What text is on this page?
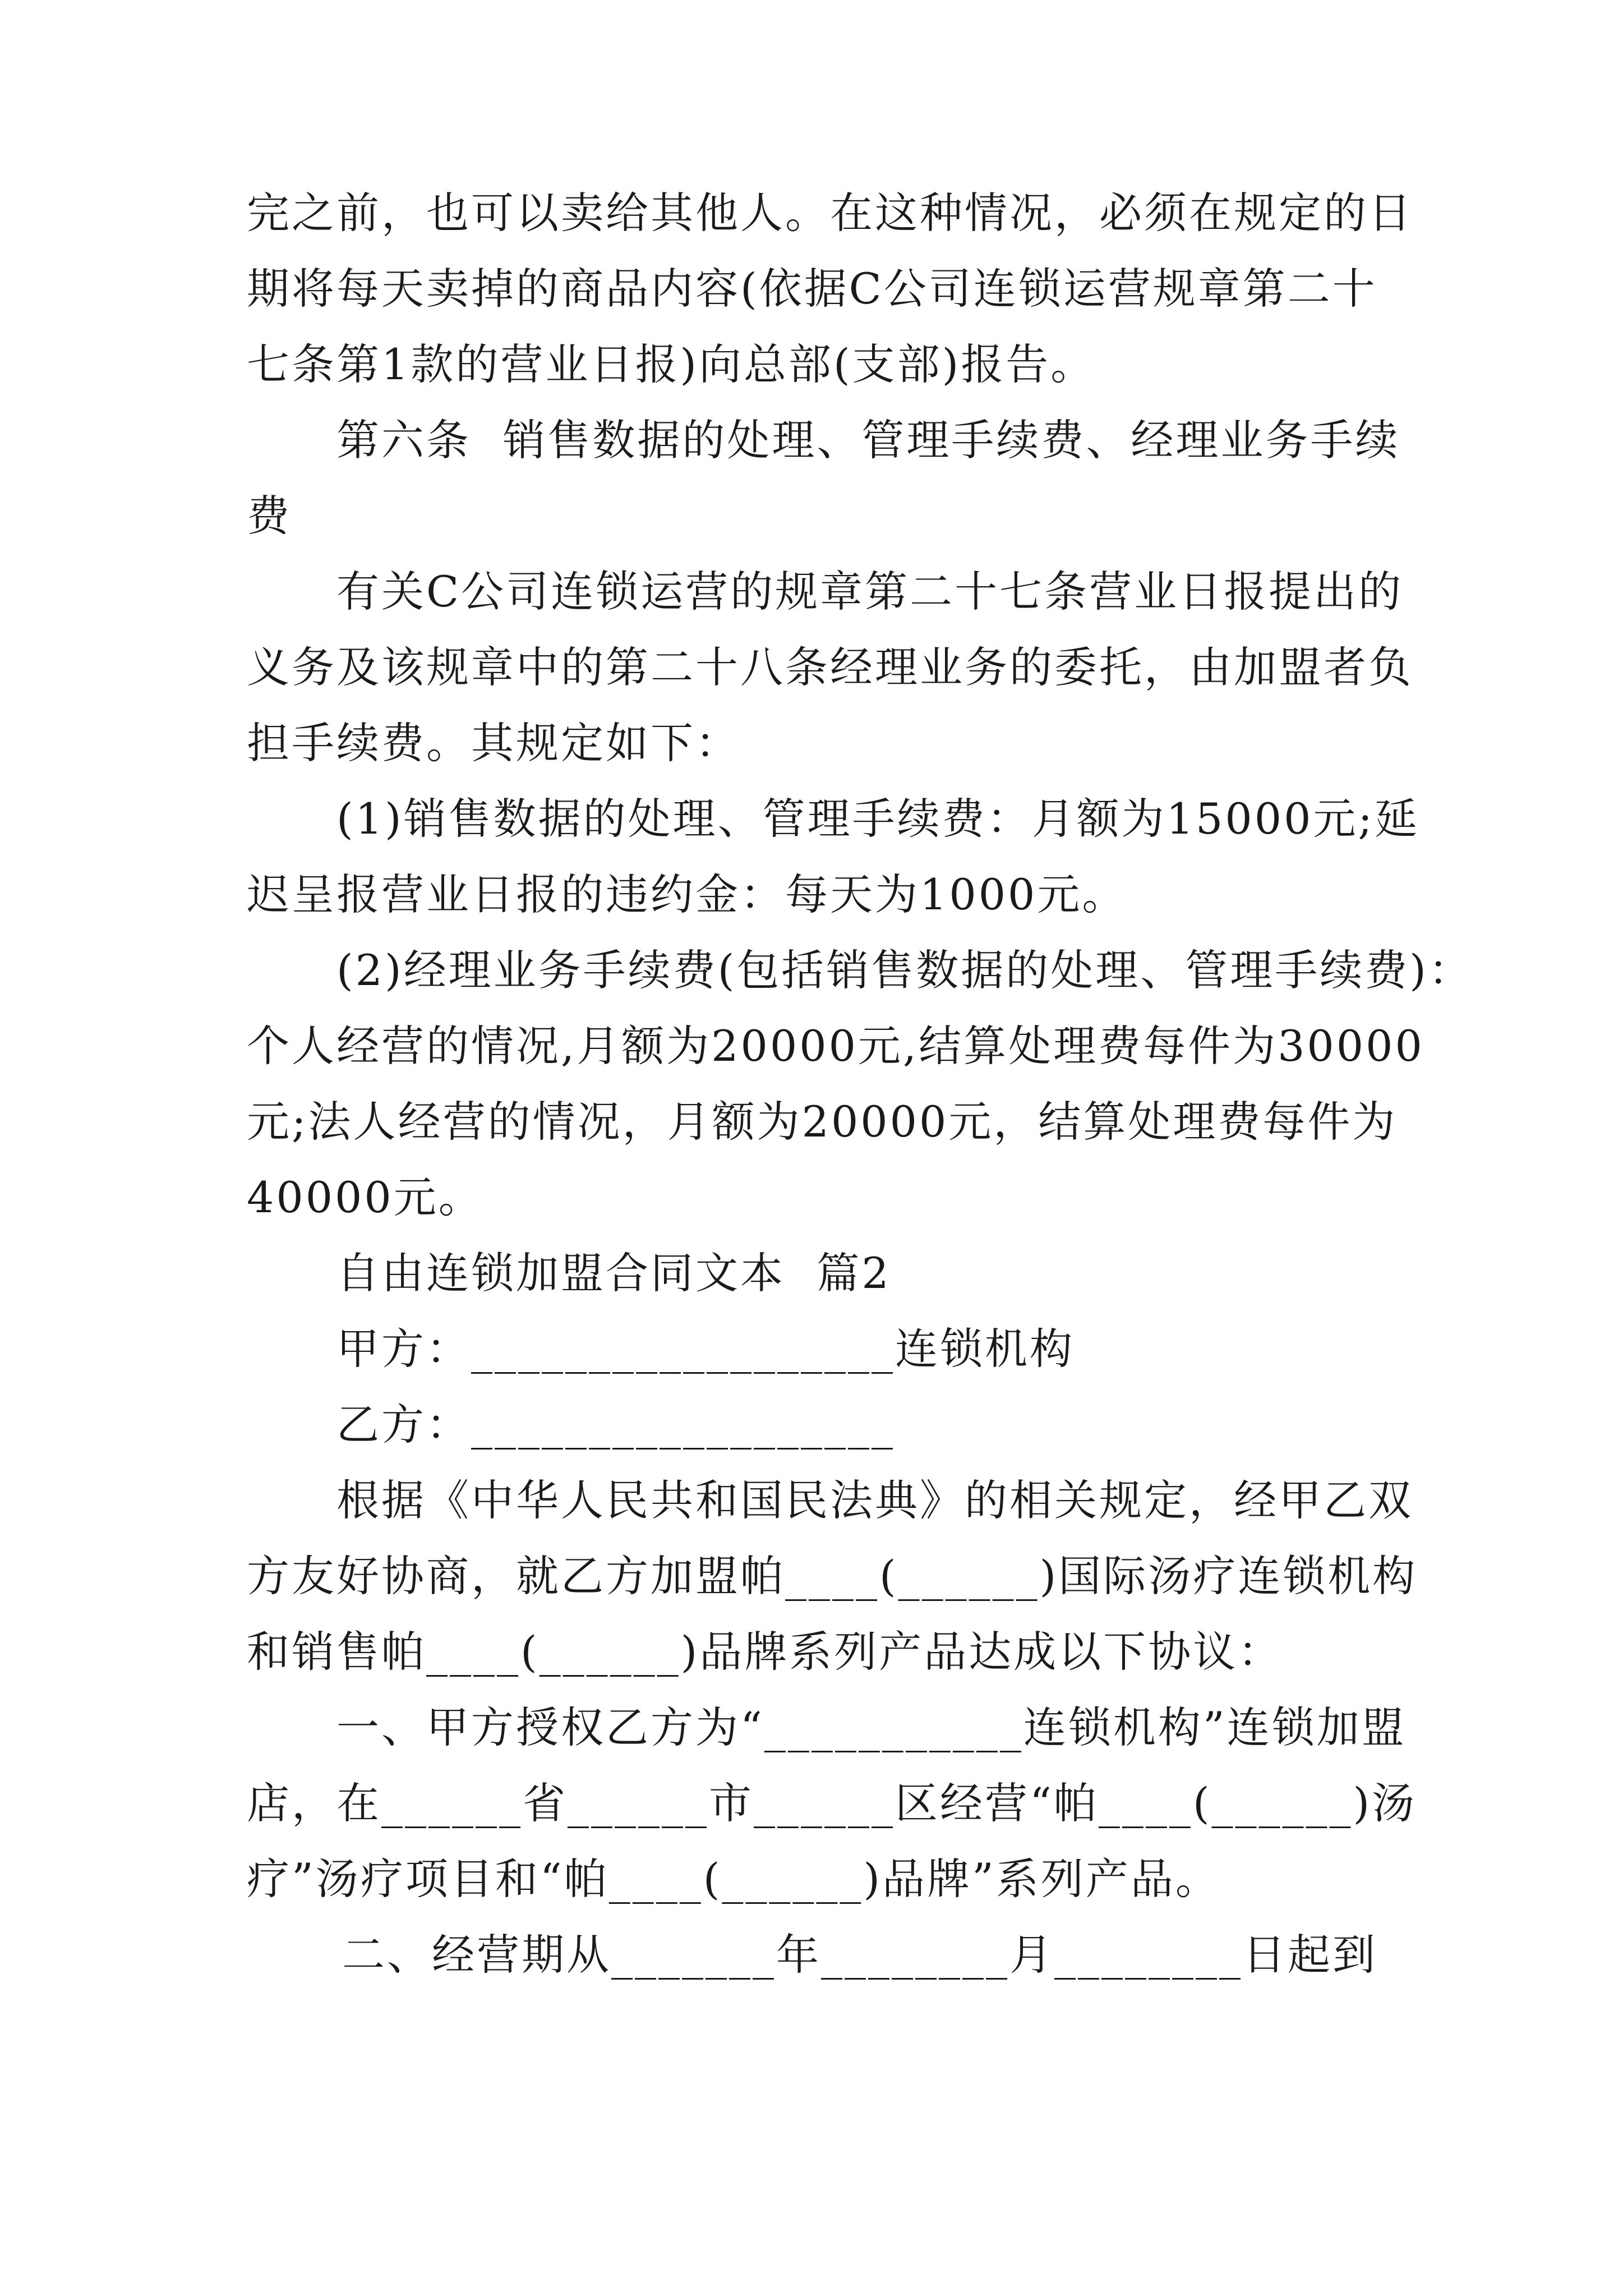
完之前，也可以卖给其他人。在这种情况，必须在规定的日
期将每天卖掉的商品内容(依据C公司连锁运营规章第二十
七条第1款的营业日报)向总部(支部)报告。
第六条  销售数据的处理、管理手续费、经理业务手续
费
有关C公司连锁运营的规章第二十七条营业日报提出的
义务及该规章中的第二十八条经理业务的委托，由加盟者负
担手续费。其规定如下：
(1)销售数据的处理、管理手续费：月额为15000元;延
迟呈报营业日报的违约金：每天为1000元。
(2)经理业务手续费(包括销售数据的处理、管理手续费)：
个人经营的情况,月额为20000元,结算处理费每件为30000
元;法人经营的情况，月额为20000元，结算处理费每件为
40000元。
自由连锁加盟合同文本  篇2
甲方：__________________连锁机构
乙方：__________________
根据《中华人民共和国民法典》的相关规定，经甲乙双
方友好协商，就乙方加盟帕____(______)国际汤疗连锁机构
和销售帕____(______)品牌系列产品达成以下协议：
一、甲方授权乙方为“___________连锁机构”连锁加盟
店，在______省______市______区经营“帕____(______)汤
疗”汤疗项目和“帕____(______)品牌”系列产品。
二、经营期从_______年________月________日起到
